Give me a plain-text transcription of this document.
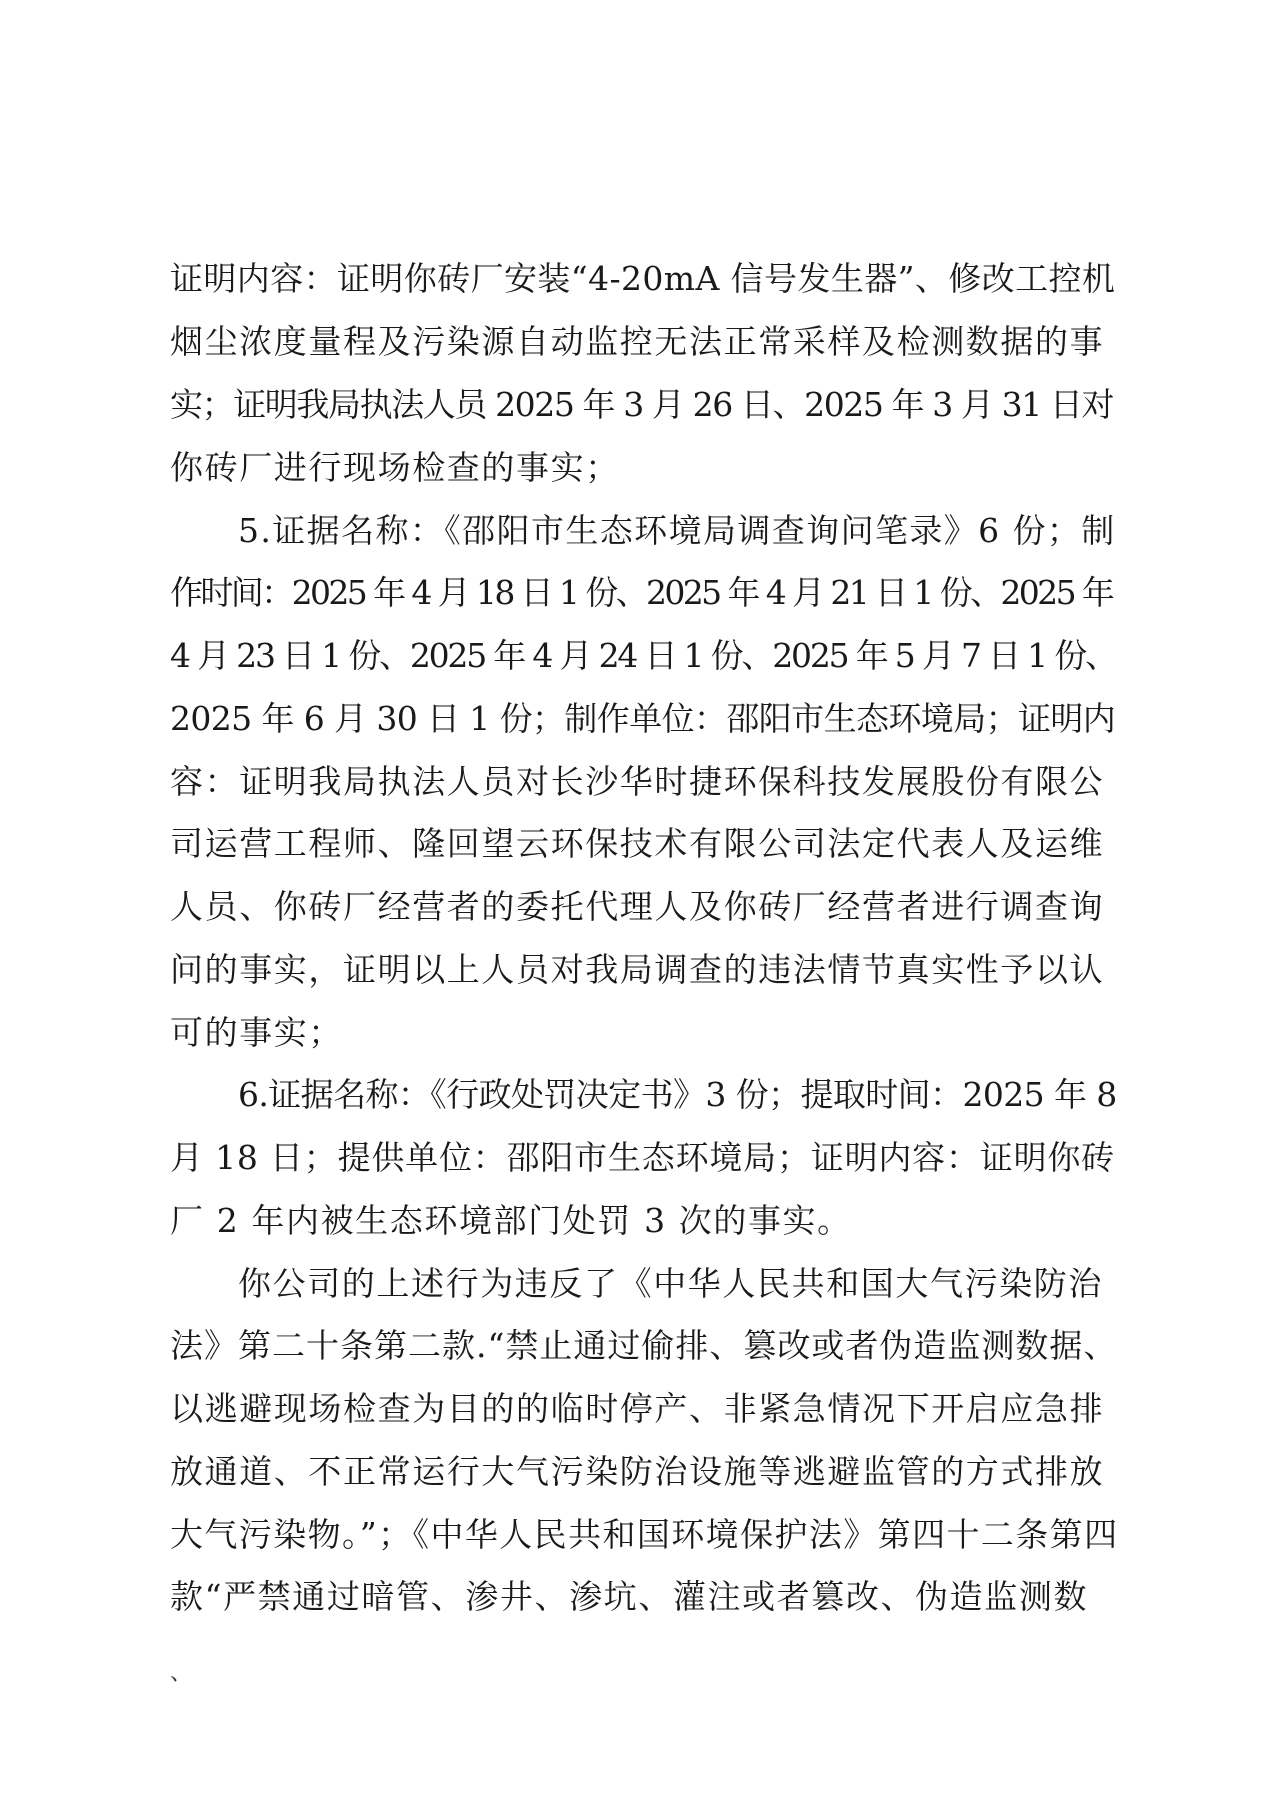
证明内容：证明你砖厂安装“4-20mA 信号发生器”、修改工控机
烟尘浓度量程及污染源自动监控无法正常采样及检测数据的事
实；证明我局执法人员 2025 年 3 月 26 日、2025 年 3 月 31 日对
你砖厂进行现场检查的事实；
5.证据名称：《邵阳市生态环境局调查询问笔录》6 份；制
作时间：2025 年 4 月 18 日 1 份、2025 年 4 月 21 日 1 份、2025 年
4 月 23 日 1 份、2025 年 4 月 24 日 1 份、2025 年 5 月 7 日 1 份、
2025 年 6 月 30 日 1 份；制作单位：邵阳市生态环境局；证明内
容：证明我局执法人员对长沙华时捷环保科技发展股份有限公
司运营工程师、隆回望云环保技术有限公司法定代表人及运维
人员、你砖厂经营者的委托代理人及你砖厂经营者进行调查询
问的事实，证明以上人员对我局调查的违法情节真实性予以认
可的事实；
6.证据名称：《行政处罚决定书》3 份；提取时间：2025 年 8
月 18 日；提供单位：邵阳市生态环境局；证明内容：证明你砖
厂 2 年内被生态环境部门处罚 3 次的事实。
你公司的上述行为违反了《中华人民共和国大气污染防治
法》第二十条第二款.“禁止通过偷排、篡改或者伪造监测数据、
以逃避现场检查为目的的临时停产、非紧急情况下开启应急排
放通道、不正常运行大气污染防治设施等逃避监管的方式排放
大气污染物。”；《中华人民共和国环境保护法》第四十二条第四
款“严禁通过暗管、渗井、渗坑、灌注或者篡改、伪造监测数
、
